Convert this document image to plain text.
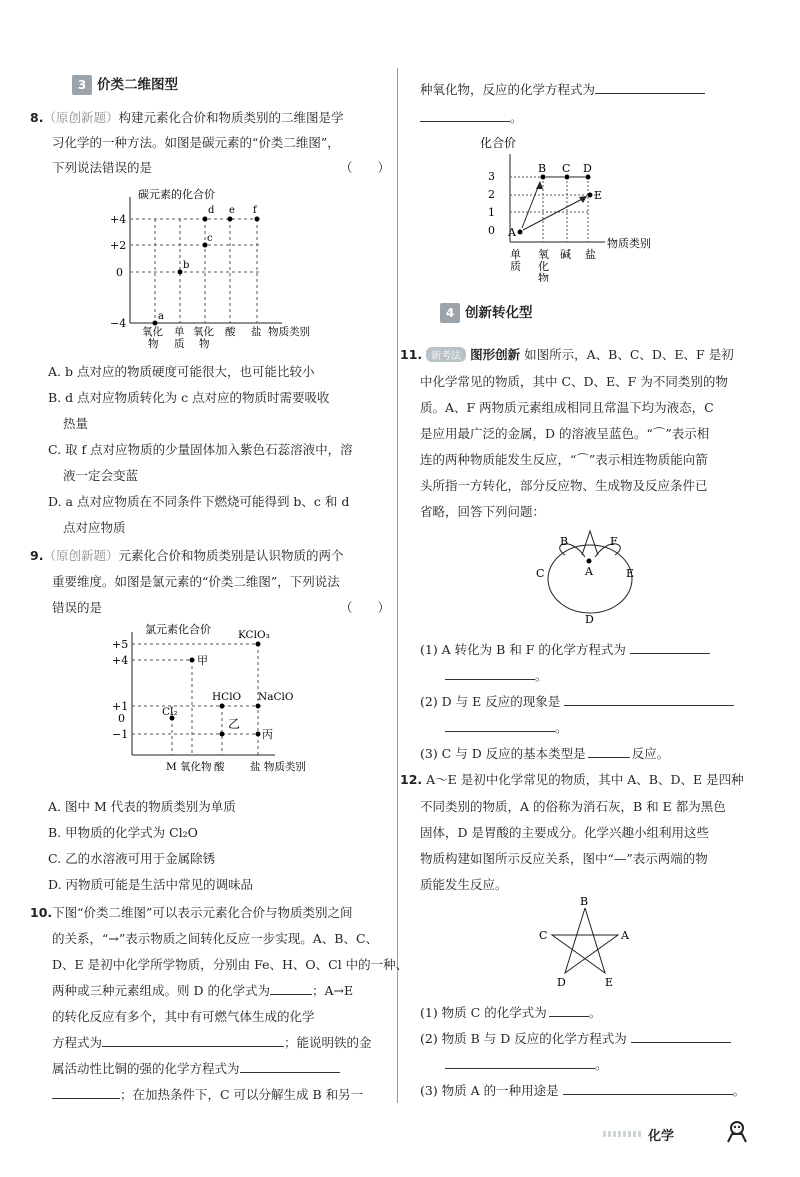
3 价类二维图型
8.（原创新题）构建元素化合价和物质类别的二维图是学
习化学的一种方法。如图是碳元素的“价类二维图”，
下列说法错误的是	（　　）
碳元素的化合价
+4
+2
0
−4
a
b
c
d e f
氧化
物
单
质
氧化
物
酸 盐 物质类别
A. b 点对应的物质硬度可能很大，也可能比较小
B. d 点对应物质转化为 c 点对应的物质时需要吸收
热量
C. 取 f 点对应物质的少量固体加入紫色石蕊溶液中，溶
液一定会变蓝
D. a 点对应物质在不同条件下燃烧可能得到 b、c 和 d
点对应物质
9.（原创新题）元素化合价和物质类别是认识物质的两个
重要维度。如图是氯元素的“价类二维图”，下列说法
错误的是	（　　）
氯元素化合价
+5
+4
+1
0
−1
KClO₃
甲
HClO NaClO
Cl₂
乙
丙
M 氧化物 酸 盐 物质类别
A. 图中 M 代表的物质类别为单质
B. 甲物质的化学式为 Cl₂O
C. 乙的水溶液可用于金属除锈
D. 丙物质可能是生活中常见的调味品
10.下图“价类二维图”可以表示元素化合价与物质类别之间
的关系，“→”表示物质之间转化反应一步实现。A、B、C、
D、E 是初中化学所学物质，分别由 Fe、H、O、Cl 中的一种、
两种或三种元素组成。则 D 的化学式为	；A→E
的转化反应有多个，其中有可燃气体生成的化学
方程式为	；能说明铁的金
属活动性比铜的强的化学方程式为
；在加热条件下，C 可以分解生成 B 和另一
种氧化物，反应的化学方程式为
。
化合价
3
2
1
0 A
B C D
E
物质类别
单
质
氧
化
物
碱 盐
4 创新转化型
11. 新考法 图形创新 如图所示，A、B、C、D、E、F 是初
中化学常见的物质，其中 C、D、E、F 为不同类别的物
质。A、F 两物质元素组成相同且常温下均为液态，C
是应用最广泛的金属，D 的溶液呈蓝色。“⌒”表示相
连的两种物质能发生反应，“⌒”表示相连物质能向箭
头所指一方转化，部分反应物、生成物及反应条件已
省略，回答下列问题：
A
B	F
C	E
D
(1) A 转化为 B 和 F 的化学方程式为
。
(2) D 与 E 反应的现象是
。
(3) C 与 D 反应的基本类型是	反应。
12. A～E 是初中化学常见的物质，其中 A、B、D、E 是四种
不同类别的物质，A 的俗称为消石灰，B 和 E 都为黑色
固体，D 是胃酸的主要成分。化学兴趣小组利用这些
物质构建如图所示反应关系，图中“—”表示两端的物
质能发生反应。
B
C	A
D	E
(1) 物质 C 的化学式为	。
(2) 物质 B 与 D 反应的化学方程式为
。
(3) 物质 A 的一种用途是	。
化学
